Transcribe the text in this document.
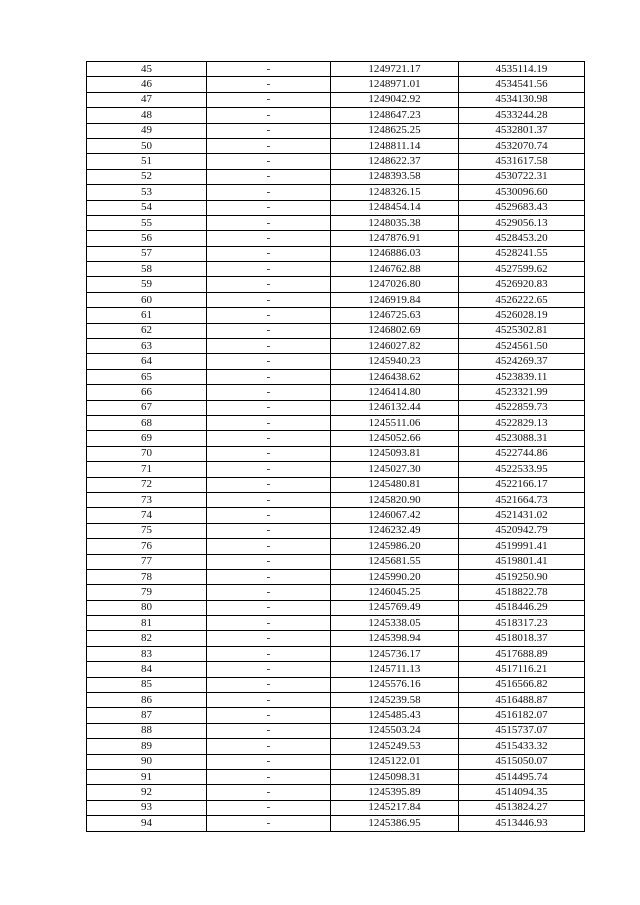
45	-	1249721.17	4535114.19
46	-	1248971.01	4534541.56
47	-	1249042.92	4534130.98
48	-	1248647.23	4533244.28
49	-	1248625.25	4532801.37
50	-	1248811.14	4532070.74
51	-	1248622.37	4531617.58
52	-	1248393.58	4530722.31
53	-	1248326.15	4530096.60
54	-	1248454.14	4529683.43
55	-	1248035.38	4529056.13
56	-	1247876.91	4528453.20
57	-	1246886.03	4528241.55
58	-	1246762.88	4527599.62
59	-	1247026.80	4526920.83
60	-	1246919.84	4526222.65
61	-	1246725.63	4526028.19
62	-	1246802.69	4525302.81
63	-	1246027.82	4524561.50
64	-	1245940.23	4524269.37
65	-	1246438.62	4523839.11
66	-	1246414.80	4523321.99
67	-	1246132.44	4522859.73
68	-	1245511.06	4522829.13
69	-	1245052.66	4523088.31
70	-	1245093.81	4522744.86
71	-	1245027.30	4522533.95
72	-	1245480.81	4522166.17
73	-	1245820.90	4521664.73
74	-	1246067.42	4521431.02
75	-	1246232.49	4520942.79
76	-	1245986.20	4519991.41
77	-	1245681.55	4519801.41
78	-	1245990.20	4519250.90
79	-	1246045.25	4518822.78
80	-	1245769.49	4518446.29
81	-	1245338.05	4518317.23
82	-	1245398.94	4518018.37
83	-	1245736.17	4517688.89
84	-	1245711.13	4517116.21
85	-	1245576.16	4516566.82
86	-	1245239.58	4516488.87
87	-	1245485.43	4516182.07
88	-	1245503.24	4515737.07
89	-	1245249.53	4515433.32
90	-	1245122.01	4515050.07
91	-	1245098.31	4514495.74
92	-	1245395.89	4514094.35
93	-	1245217.84	4513824.27
94	-	1245386.95	4513446.93
